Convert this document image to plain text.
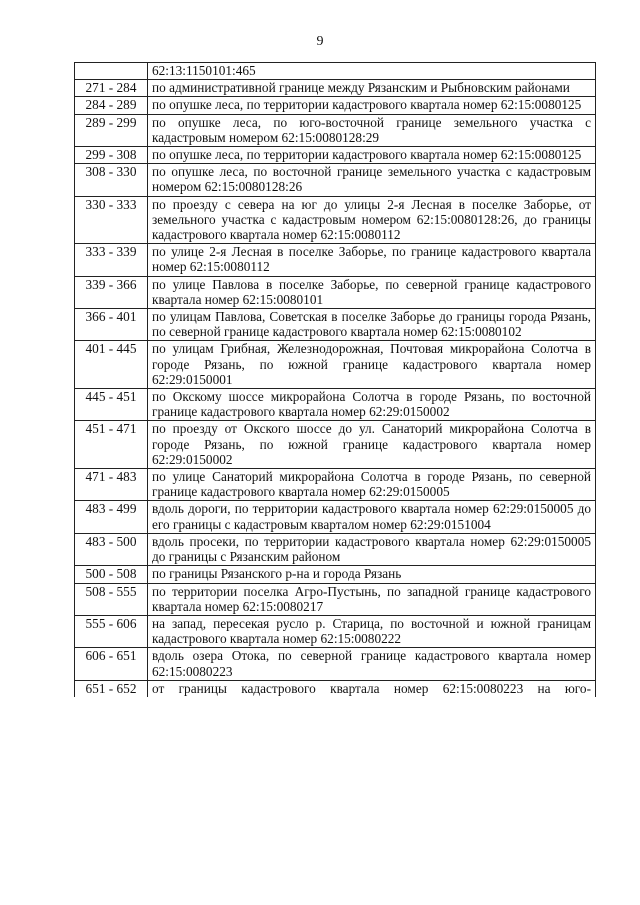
9
	62:13:1150101:465
271 - 284	по административной границе между Рязанским и Рыбновским районами
284 - 289	по опушке леса, по территории кадастрового квартала номер 62:15:0080125
289 - 299	по опушке леса, по юго-восточной границе земельного участка с кадастровым номером 62:15:0080128:29
299 - 308	по опушке леса, по территории кадастрового квартала номер 62:15:0080125
308 - 330	по опушке леса, по восточной границе земельного участка с кадастровым номером 62:15:0080128:26
330 - 333	по проезду с севера на юг до улицы 2-я Лесная в поселке Заборье, от земельного участка с кадастровым номером 62:15:0080128:26, до границы кадастрового квартала номер 62:15:0080112
333 - 339	по улице 2-я Лесная в поселке Заборье, по границе кадастрового квартала номер 62:15:0080112
339 - 366	по улице Павлова в поселке Заборье, по северной границе кадастрового квартала номер 62:15:0080101
366 - 401	по улицам Павлова, Советская в поселке Заборье до границы города Рязань, по северной границе кадастрового квартала номер 62:15:0080102
401 - 445	по улицам Грибная, Железнодорожная, Почтовая микрорайона Солотча в городе Рязань, по южной границе кадастрового квартала номер 62:29:0150001
445 - 451	по Окскому шоссе микрорайона Солотча в городе Рязань, по восточной границе кадастрового квартала номер 62:29:0150002
451 - 471	по проезду от Окского шоссе до ул. Санаторий микрорайона Солотча в городе Рязань, по южной границе кадастрового квартала номер 62:29:0150002
471 - 483	по улице Санаторий микрорайона Солотча в городе Рязань, по северной границе кадастрового квартала номер 62:29:0150005
483 - 499	вдоль дороги, по территории кадастрового квартала номер 62:29:0150005 до его границы с кадастровым кварталом номер 62:29:0151004
483 - 500	вдоль просеки, по территории кадастрового квартала номер 62:29:0150005 до границы с Рязанским районом
500 - 508	по границы Рязанского р-на и города Рязань
508 - 555	по территории поселка Агро-Пустынь, по западной границе кадастрового квартала номер 62:15:0080217
555 - 606	на запад, пересекая русло р. Старица, по восточной и южной границам кадастрового квартала номер 62:15:0080222
606 - 651	вдоль озера Отока, по северной границе кадастрового квартала номер 62:15:0080223
651 - 652	от границы кадастрового квартала номер 62:15:0080223 на юго-
